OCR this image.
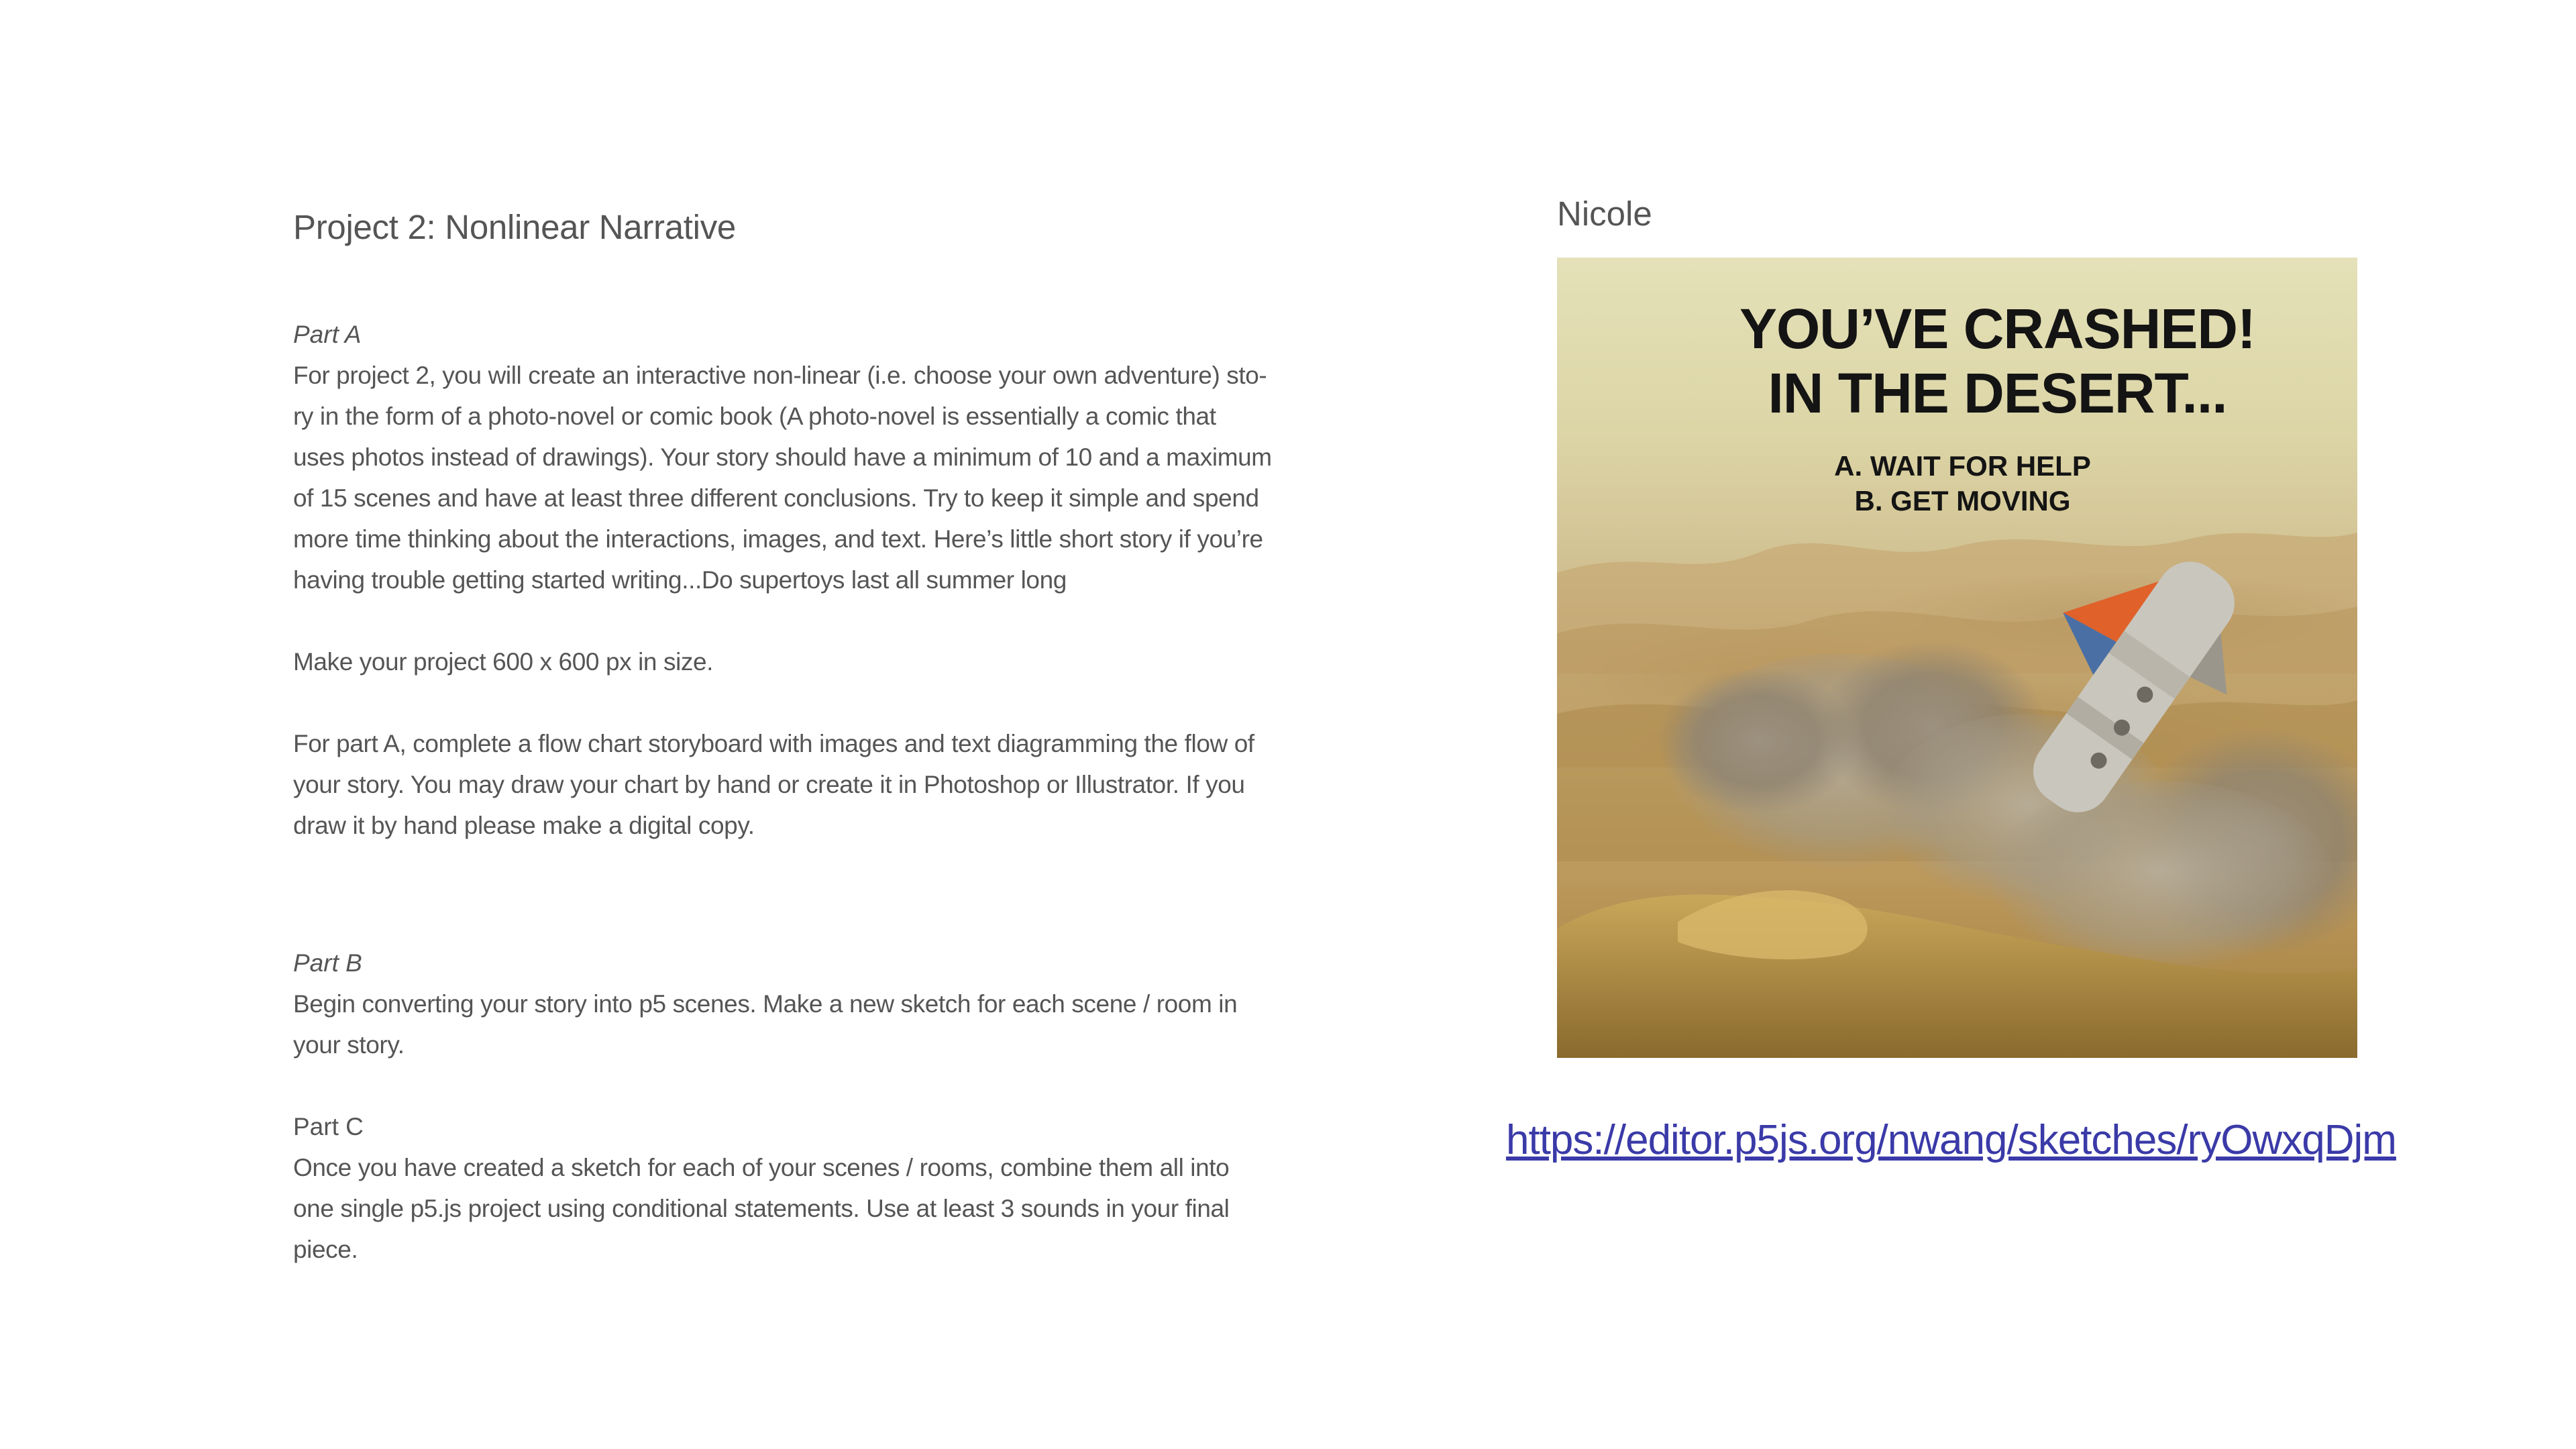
Project 2: Nonlinear Narrative

Part A

For project 2, you will create an interactive non-linear (i.e. choose your own adventure) sto-

ry in the form of a photo-novel or comic book (A photo-novel is essentially a comic that

uses photos instead of drawings). Your story should have a minimum of 10 and a maximum

of 15 scenes and have at least three different conclusions. Try to keep it simple and spend

more time thinking about the interactions, images, and text. Here’s little short story if you’re

having trouble getting started writing...Do supertoys last all summer long

Make your project 600 x 600 px in size.

For part A, complete a flow chart storyboard with images and text diagramming the flow of

your story. You may draw your chart by hand or create it in Photoshop or Illustrator. If you

draw it by hand please make a digital copy.

Part B

Begin converting your story into p5 scenes. Make a new sketch for each scene / room in

your story.

Part C

Once you have created a sketch for each of your scenes / rooms, combine them all into

one single p5.js project using conditional statements. Use at least 3 sounds in your final

piece.

Nicole
YOU’VE CRASHED!
IN THE DESERT...
A. WAIT FOR HELP
B. GET MOVING
https://editor.p5js.org/nwang/sketches/ryOwxqDjm
